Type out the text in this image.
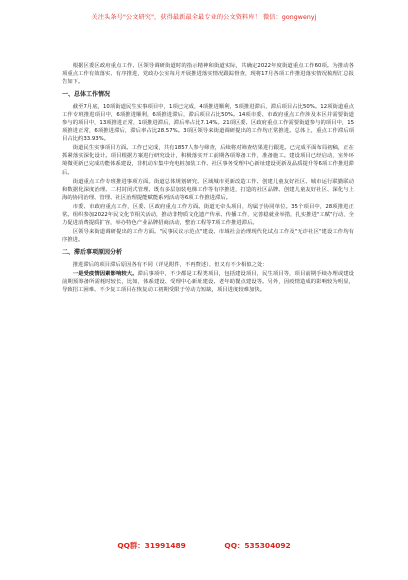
关注头条号"公文研究"，获得最新最全最专业的公文资料库！ 微信：gongwenyj

根据区委区政府重点工作、区领导调研街道时的指示精神和街道实际，共确定2022年度街道重点工作60项。为推动各项重点工作有效落实、有序推进，党政办公室每月开展推进落实情况跟踪督查，现将17月各项工作推进落实情况梳理汇总报告如下。

一、总体工作情况

截至7月底，10项街道民生实事项目中，1项已完成，4项推进顺利，5项推进滞后，滞后项目占比50%。12项街道重点工作专班推进项目中，6项推进顺利，6项推进滞后，滞后项目占比50%。14项市委、市政府重点工作涉及本区并需要街道参与的项目中，13项推进正常，1项推进滞后，滞后率占比7.14%。21项区委、区政府重点工作需要街道参与的项目中，15项推进正常，6项推进滞后，滞后率占比28.57%。3项区领导来街道调研提出的工作均正常推进。总体上，重点工作滞后项目占比约33.93%。

街道民生实事项目方面。工作已完成，共有1857人参与筛查，后续将对筛查结果进行跟进。已完成平面布局初稿，正在抓紧落实深化设计。项目根据方案进行研究设计，积极落实开工前期各项筹备工作，准备施工。建设项目已经启动，室外环境微更新已完成功能体系建设，非机动车集中充电桩加装工作、社区事务受理中心新址建设更新及品质提升等6项工作推进滞后。

街道重点工作专班推进事项方面。街道总体规划研究、区域城市更新改造工作、创建儿童友好社区、城市运行联勤联动和数据化深度治理、二村封闭式管理、既有多层加装电梯工作等有序推进，打造的社区品牌、创建儿童友好社区、深化与上海的协同治理、管理、社区治理提能赋能系列活动等6项工作推进滞后。

市委、市政府重点工作，区委、区政府重点工作方面。街道无牵头项目，均属于协同单位。35个项目中，28项推进正常。组织参加2022年民文化节相关活动，推动非物质文化遗产传承、传播工作，完善稳就业举措，扎实推进"工赋"行动，全力促进消费提质扩容，举办特色产业品牌招商活动，整治工程等7项工作推进滞后。

区领导来街道调研提出的工作方面。"民事民议示范点"建设、市域社会治理现代化试点工作及"无诈社区"建设工作均有序推进。

二、滞后事项原因分析

推进滞后的项目滞后原因各有不同（详见附件，不再赘述），但又有不少相似之处：

一是受疫情因素影响较大。滞后事项中，不少都是工程类项目，包括建设项目，民生项目等，项目前期手续办理或建设前期预筹备所需耗时较长，比如，体系建设、受理中心新址建设、老年助餐点建设等。另外，因疫情造成的影响较为明显，导致招工困难、不少复工项目在恢复动工初期受限于劳动力短缺，项目进度较难加快。

QQ群：31991489	QQ：535304092
